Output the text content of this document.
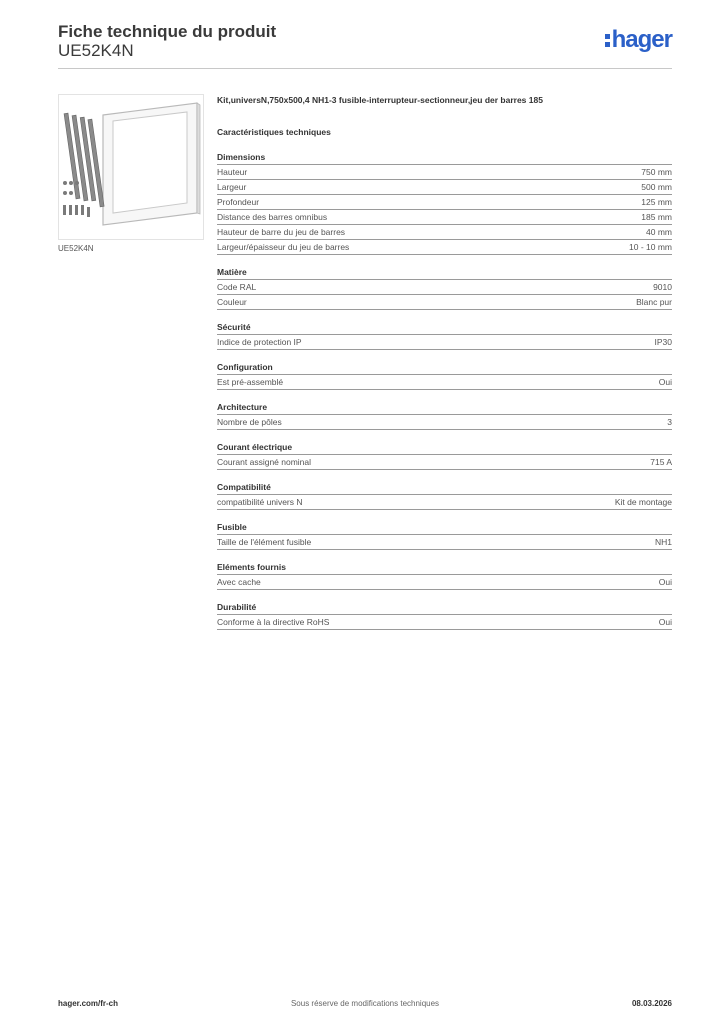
Fiche technique du produit
UE52K4N	hager
UE52K4N
Kit,universN,750x500,4 NH1-3 fusible-interrupteur-sectionneur,jeu der barres 185
Caractéristiques techniques
Dimensions
Hauteur	750 mm
Largeur	500 mm
Profondeur	125 mm
Distance des barres omnibus	185 mm
Hauteur de barre du jeu de barres	40 mm
Largeur/épaisseur du jeu de barres	10 - 10 mm
Matière
Code RAL	9010
Couleur	Blanc pur
Sécurité
Indice de protection IP	IP30
Configuration
Est pré-assemblé	Oui
Architecture
Nombre de pôles	3
Courant électrique
Courant assigné nominal	715 A
Compatibilité
compatibilité univers N	Kit de montage
Fusible
Taille de l'élément fusible	NH1
Eléments fournis
Avec cache	Oui
Durabilité
Conforme à la directive RoHS	Oui
hager.com/fr-ch	Sous réserve de modifications techniques	08.03.2026
